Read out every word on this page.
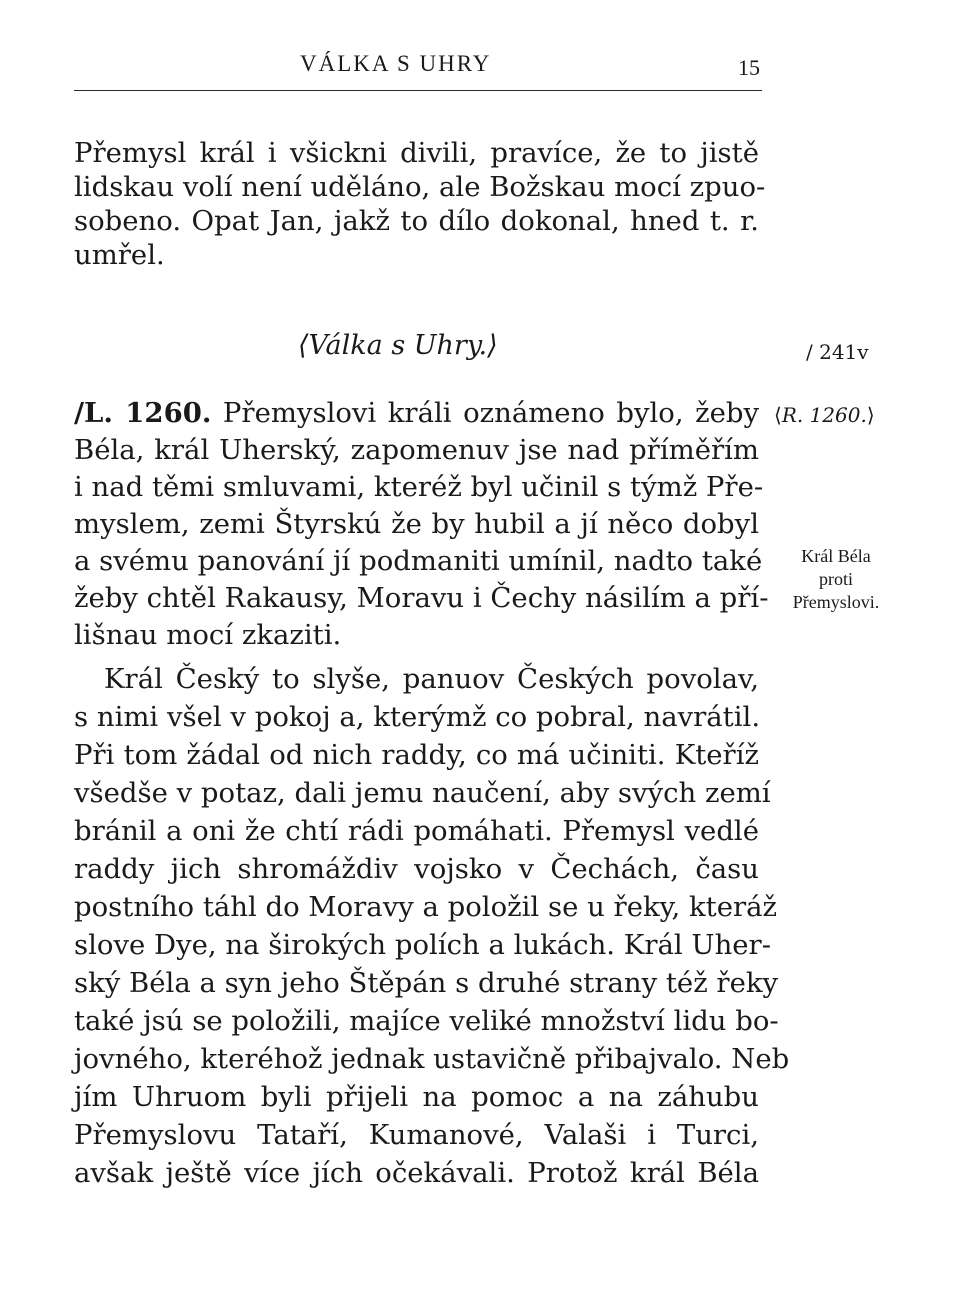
VÁLKA S UHRY	15
Přemysl král i všickni divili, pravíce, že to jistě
lidskau volí není uděláno, ale Božskau mocí zpuo-
sobeno. Opat Jan, jakž to dílo dokonal, hned t. r.
umřel.
⟨Válka s Uhry.⟩	/ 241v
/L. 1260. Přemyslovi králi oznámeno bylo, žeby ⟨R. 1260.⟩
Béla, král Uherský, zapomenuv jse nad příměřím
i nad těmi smluvami, kteréž byl učinil s týmž Pře-
myslem, zemi Štyrskú že by hubil a jí něco dobyl
a svému panování jí podmaniti umínil, nadto také
žeby chtěl Rakausy, Moravu i Čechy násilím a pří-
lišnau mocí zkaziti.
Král Béla
proti
Přemyslovi.
Král Český to slyše, panuov Českých povolav,
s nimi všel v pokoj a, kterýmž co pobral, navrátil.
Při tom žádal od nich raddy, co má učiniti. Kteříž
všedše v potaz, dali jemu naučení, aby svých zemí
bránil a oni že chtí rádi pomáhati. Přemysl vedlé
raddy jich shromáždiv vojsko v Čechách, času
postního táhl do Moravy a položil se u řeky, kteráž
slove Dye, na širokých polích a lukách. Král Uher-
ský Béla a syn jeho Štěpán s druhé strany též řeky
také jsú se položili, majíce veliké množství lidu bo-
jovného, kteréhož jednak ustavičně přibajvalo. Neb
jím Uhruom byli přijeli na pomoc a na záhubu
Přemyslovu Tataří, Kumanové, Valaši i Turci,
avšak ještě více jích očekávali. Protož král Béla
